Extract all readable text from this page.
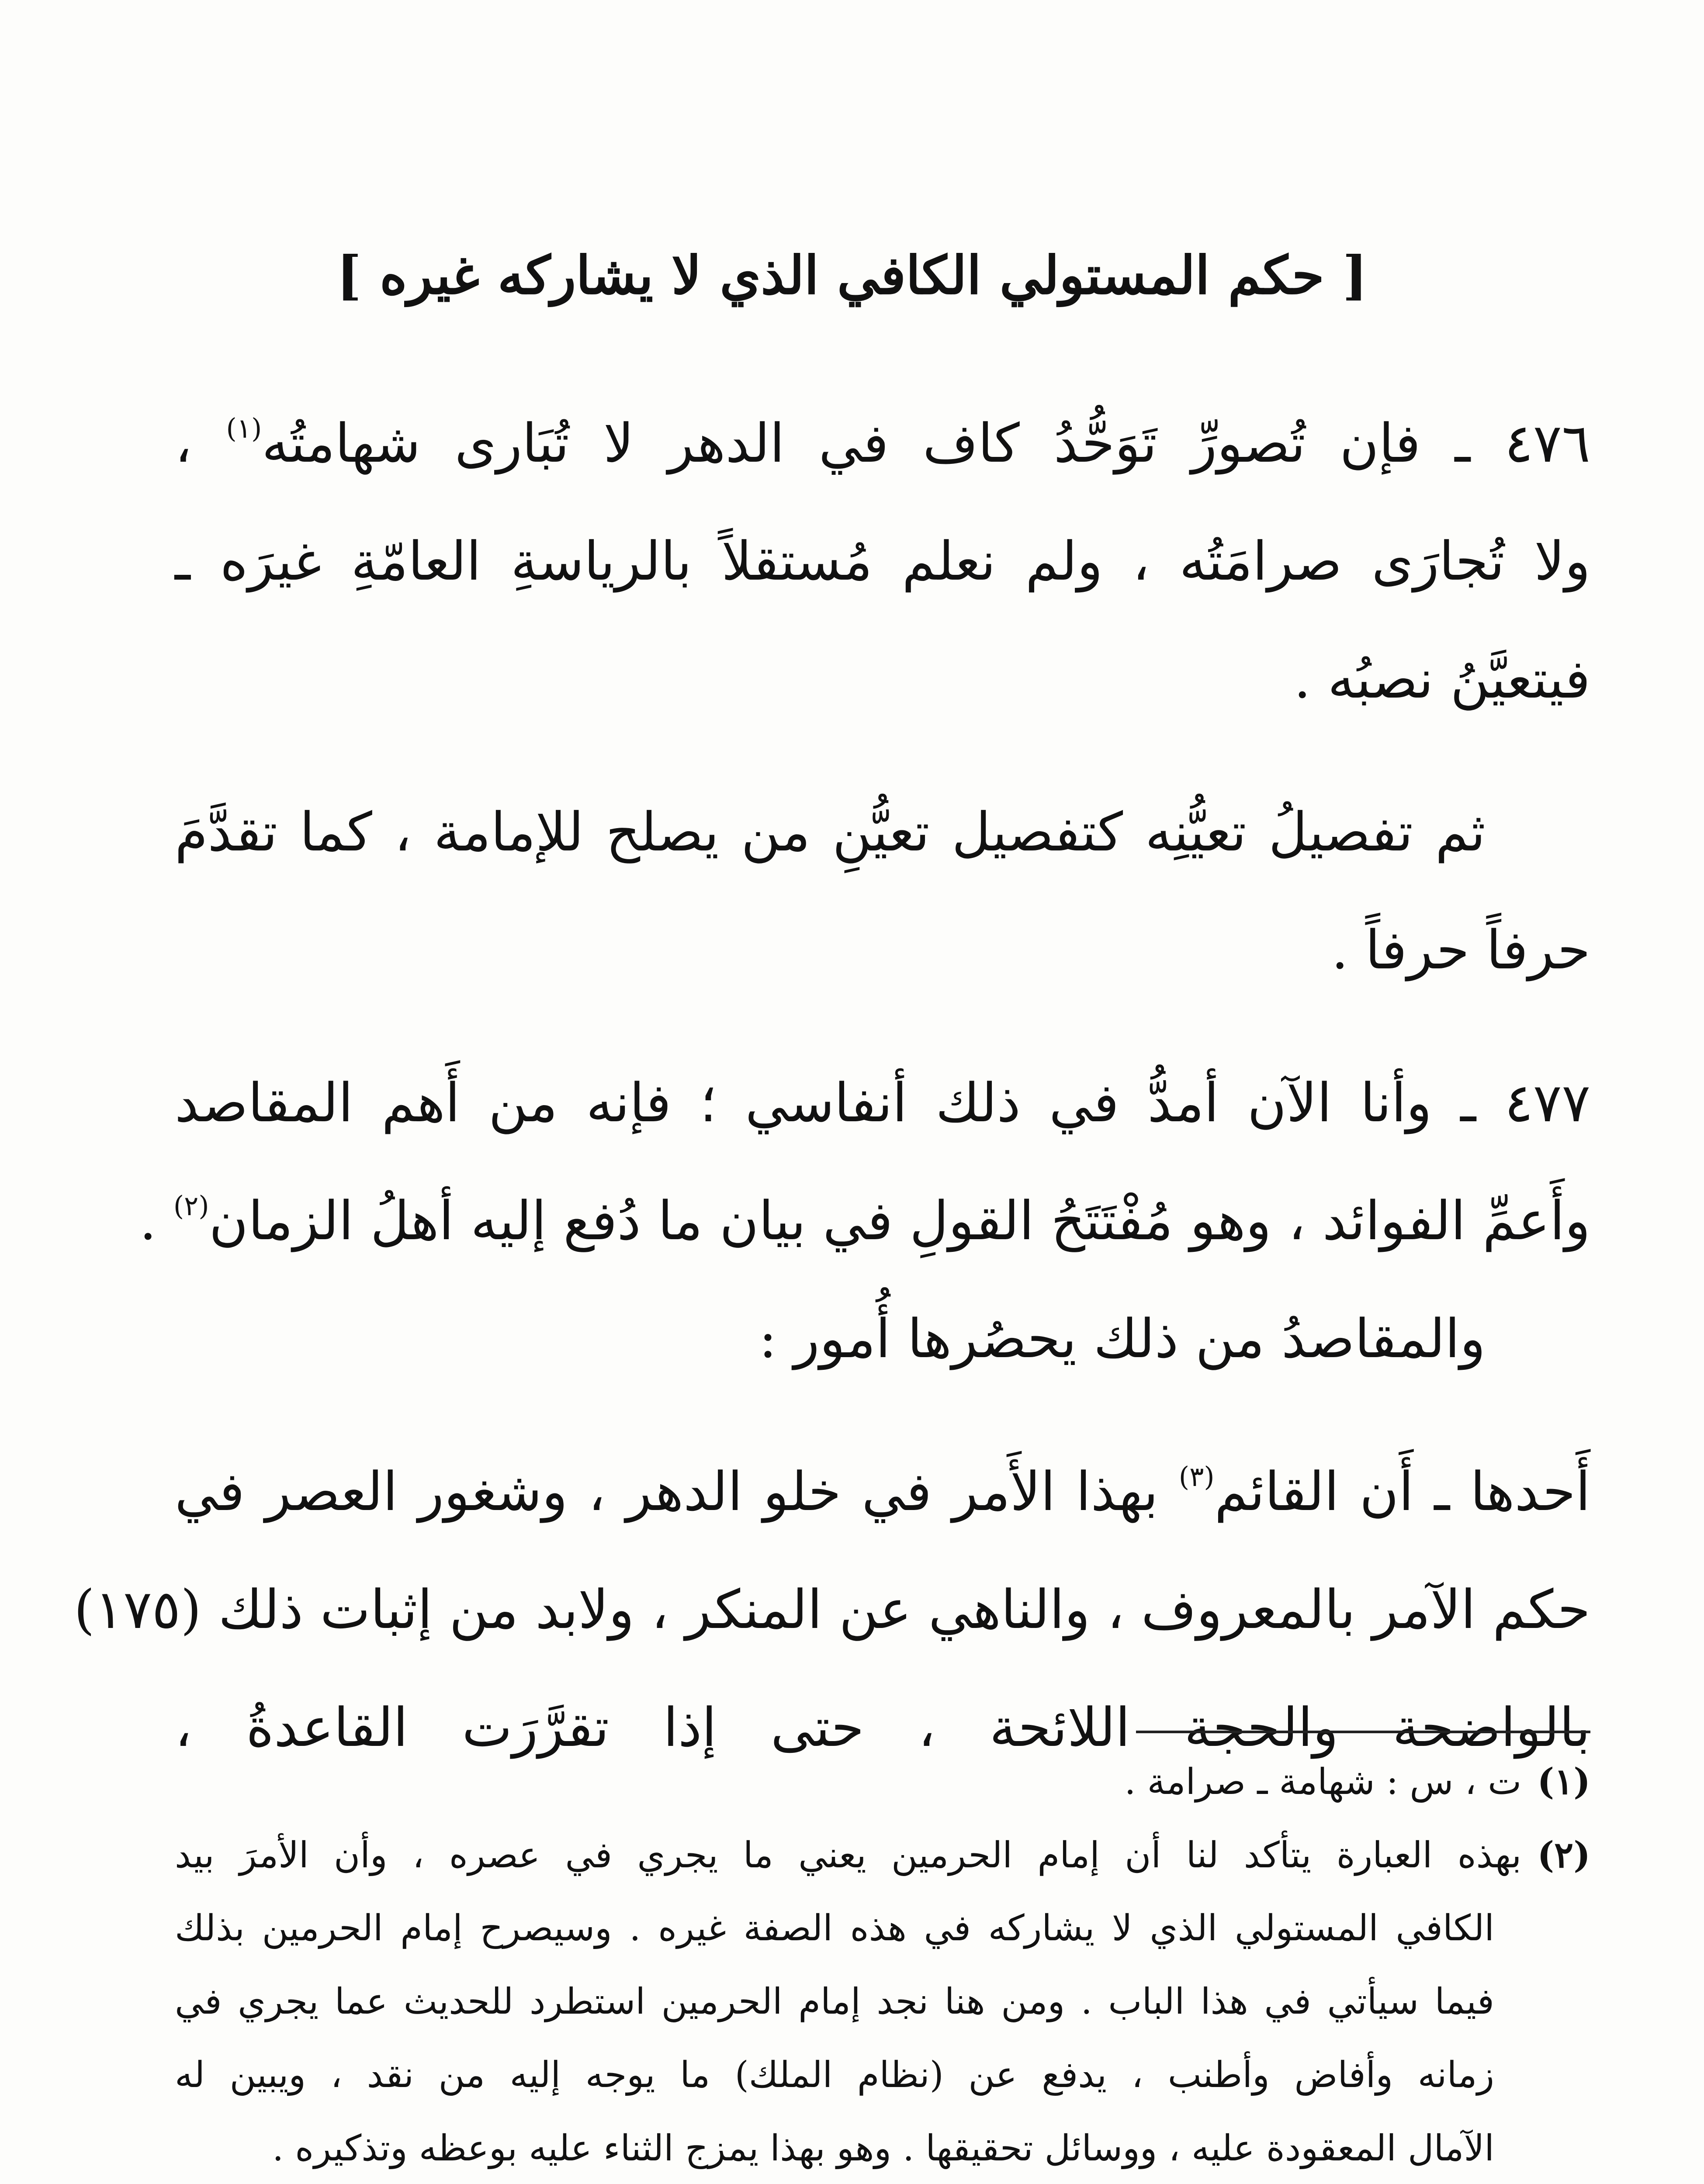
[ حكم المستولي الكافي الذي لا يشاركه غيره ]
٤٧٦ ـ فإن تُصورِّ تَوَحُّدُ كاف في الدهر لا تُبَارى شهامتُه$^{(١)}$ ،
ولا تُجارَى صرامَتُه ، ولم نعلم مُستقلاً بالرياسةِ العامّةِ غيرَه ـ
فيتعيَّنُ نصبُه .
ثم تفصيلُ تعيُّنِه كتفصيل تعيُّنِ من يصلح للإمامة ، كما تقدَّمَ
حرفاً حرفاً .
٤٧٧ ـ وأنا الآن أمدُّ في ذلك أنفاسي ؛ فإنه من أَهم المقاصد
وأَعمِّ الفوائد ، وهو مُفْتَتَحُ القولِ في بيان ما دُفع إليه أهلُ الزمان$^{(٢)}$ .
والمقاصدُ من ذلك يحصُرها أُمور :
أَحدها ـ أَن القائم$^{(٣)}$ بهذا الأَمر في خلو الدهر ، وشغور العصر في
حكم الآمر بالمعروف ، والناهي عن المنكر ، ولابد من إثبات ذلك (١٧٥)
بالواضحة والحجة اللائحة ، حتى إذا تقرَّرَت القاعدةُ ،
(١)ت ، س : شهامة ـ صرامة .
(٢)بهذه العبارة يتأكد لنا أن إمام الحرمين يعني ما يجري في عصره ، وأن الأمرَ بيد
الكافي المستولي الذي لا يشاركه في هذه الصفة غيره . وسيصرح إمام الحرمين بذلك
فيما سيأتي في هذا الباب . ومن هنا نجد إمام الحرمين استطرد للحديث عما يجري في
زمانه وأفاض وأطنب ، يدفع عن (نظام الملك) ما يوجه إليه من نقد ، ويبين له
الآمال المعقودة عليه ، ووسائل تحقيقها . وهو بهذا يمزج الثناء عليه بوعظه وتذكيره .
